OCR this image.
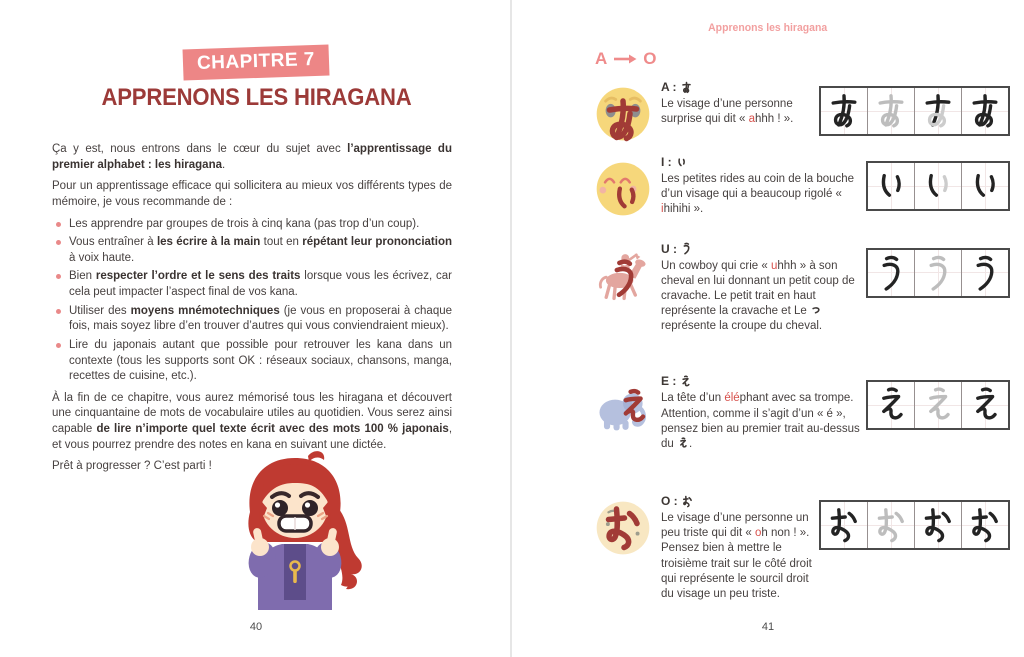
CHAPITRE 7
APPRENONS LES HIRAGANA

Ça y est, nous entrons dans le cœur du sujet avec l’apprentissage du premier alphabet : les hiragana.

Pour un apprentissage efficace qui sollicitera au mieux vos différents types de mémoire, je vous recommande de :

Les apprendre par groupes de trois à cinq kana (pas trop d’un coup).
Vous entraîner à les écrire à la main tout en répétant leur prononciation à voix haute.
Bien respecter l’ordre et le sens des traits lorsque vous les écrivez, car cela peut impacter l’aspect final de vos kana.
Utiliser des moyens mnémotechniques (je vous en proposerai à chaque fois, mais soyez libre d’en trouver d’autres qui vous conviendraient mieux).
Lire du japonais autant que possible pour retrouver les kana dans un contexte (tous les supports sont OK : réseaux sociaux, chansons, manga, recettes de cuisine, etc.).

À la fin de ce chapitre, vous aurez mémorisé tous les hiragana et découvert une cinquantaine de mots de vocabulaire utiles au quotidien. Vous serez ainsi capable de lire n’importe quel texte écrit avec des mots 100 % japonais, et vous pourrez prendre des notes en kana en suivant une dictée.

Prêt à progresser ? C’est parti !

40
Apprenons les hiragana
A O
A :

Le visage d’une personne surprise qui dit « ahhh ! ».

I :

Les petites rides au coin de la bouche d’un visage qui a beaucoup rigolé « ihihihi ».

U :

Un cowboy qui crie « uhhh » à son cheval en lui donnant un petit coup de cravache. Le petit trait en haut représente la cravache et Le  représente la croupe du cheval.

E :

La tête d’un éléphant avec sa trompe. Attention, comme il s’agit d’un « é », pensez bien au premier trait au-dessus du .

O :

Le visage d’une personne un peu triste qui dit « oh non ! ». Pensez bien à mettre le troisième trait sur le côté droit qui représente le sourcil droit du visage un peu triste.

41
